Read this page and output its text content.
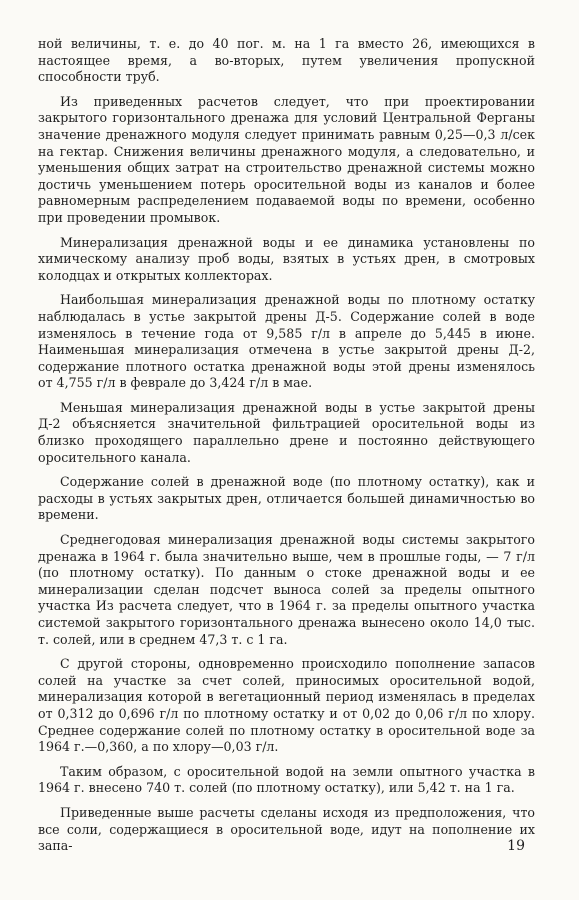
ной величины, т. е. до 40 пог. м. на 1 га вместо 26, имеющихся в настоящее время, а во-вторых, путем увеличения пропускной способности труб.

Из приведенных расчетов следует, что при проектировании закрытого горизонтального дренажа для условий Центральной Ферганы значение дренажного модуля следует принимать равным 0,25—0,3 л/сек на гектар. Снижения величины дренажного модуля, а следовательно, и уменьшения общих затрат на строительство дренажной системы можно достичь уменьшением потерь оросительной воды из каналов и более равномерным распределением подаваемой воды по времени, особенно при проведении промывок.

Минерализация дренажной воды и ее динамика установлены по химическому анализу проб воды, взятых в устьях дрен, в смотровых колодцах и открытых коллекторах.

Наибольшая минерализация дренажной воды по плотному остатку наблюдалась в устье закрытой дрены Д-5. Содержание солей в воде изменялось в течение года от 9,585 г/л в апреле до 5,445 в июне. Наименьшая минерализация отмечена в устье закрытой дрены Д-2, содержание плотного остатка дренажной воды этой дрены изменялось от 4,755 г/л в феврале до 3,424 г/л в мае.

Меньшая минерализация дренажной воды в устье закрытой дрены Д-2 объясняется значительной фильтрацией оросительной воды из близко проходящего параллельно дрене и постоянно действующего оросительного канала.

Содержание солей в дренажной воде (по плотному остатку), как и расходы в устьях закрытых дрен, отличается большей динамичностью во времени.

Среднегодовая минерализация дренажной воды системы закрытого дренажа в 1964 г. была значительно выше, чем в прошлые годы, — 7 г/л (по плотному остатку). По данным о стоке дренажной воды и ее минерализации сделан подсчет выноса солей за пределы опытного участка Из расчета следует, что в 1964 г. за пределы опытного участка системой закрытого горизонтального дренажа вынесено около 14,0 тыс. т. солей, или в среднем 47,3 т. с 1 га.

С другой стороны, одновременно происходило пополнение запасов солей на участке за счет солей, приносимых оросительной водой, минерализация которой в вегетационный период изменялась в пределах от 0,312 до 0,696 г/л по плотному остатку и от 0,02 до 0,06 г/л по хлору. Среднее содержание солей по плотному остатку в оросительной воде за 1964 г.—0,360, а по хлору—0,03 г/л.

Таким образом, с оросительной водой на земли опытного участка в 1964 г. внесено 740 т. солей (по плотному остатку), или 5,42 т. на 1 га.

Приведенные выше расчеты сделаны исходя из предположения, что все соли, содержащиеся в оросительной воде, идут на пополнение их запа-	19
